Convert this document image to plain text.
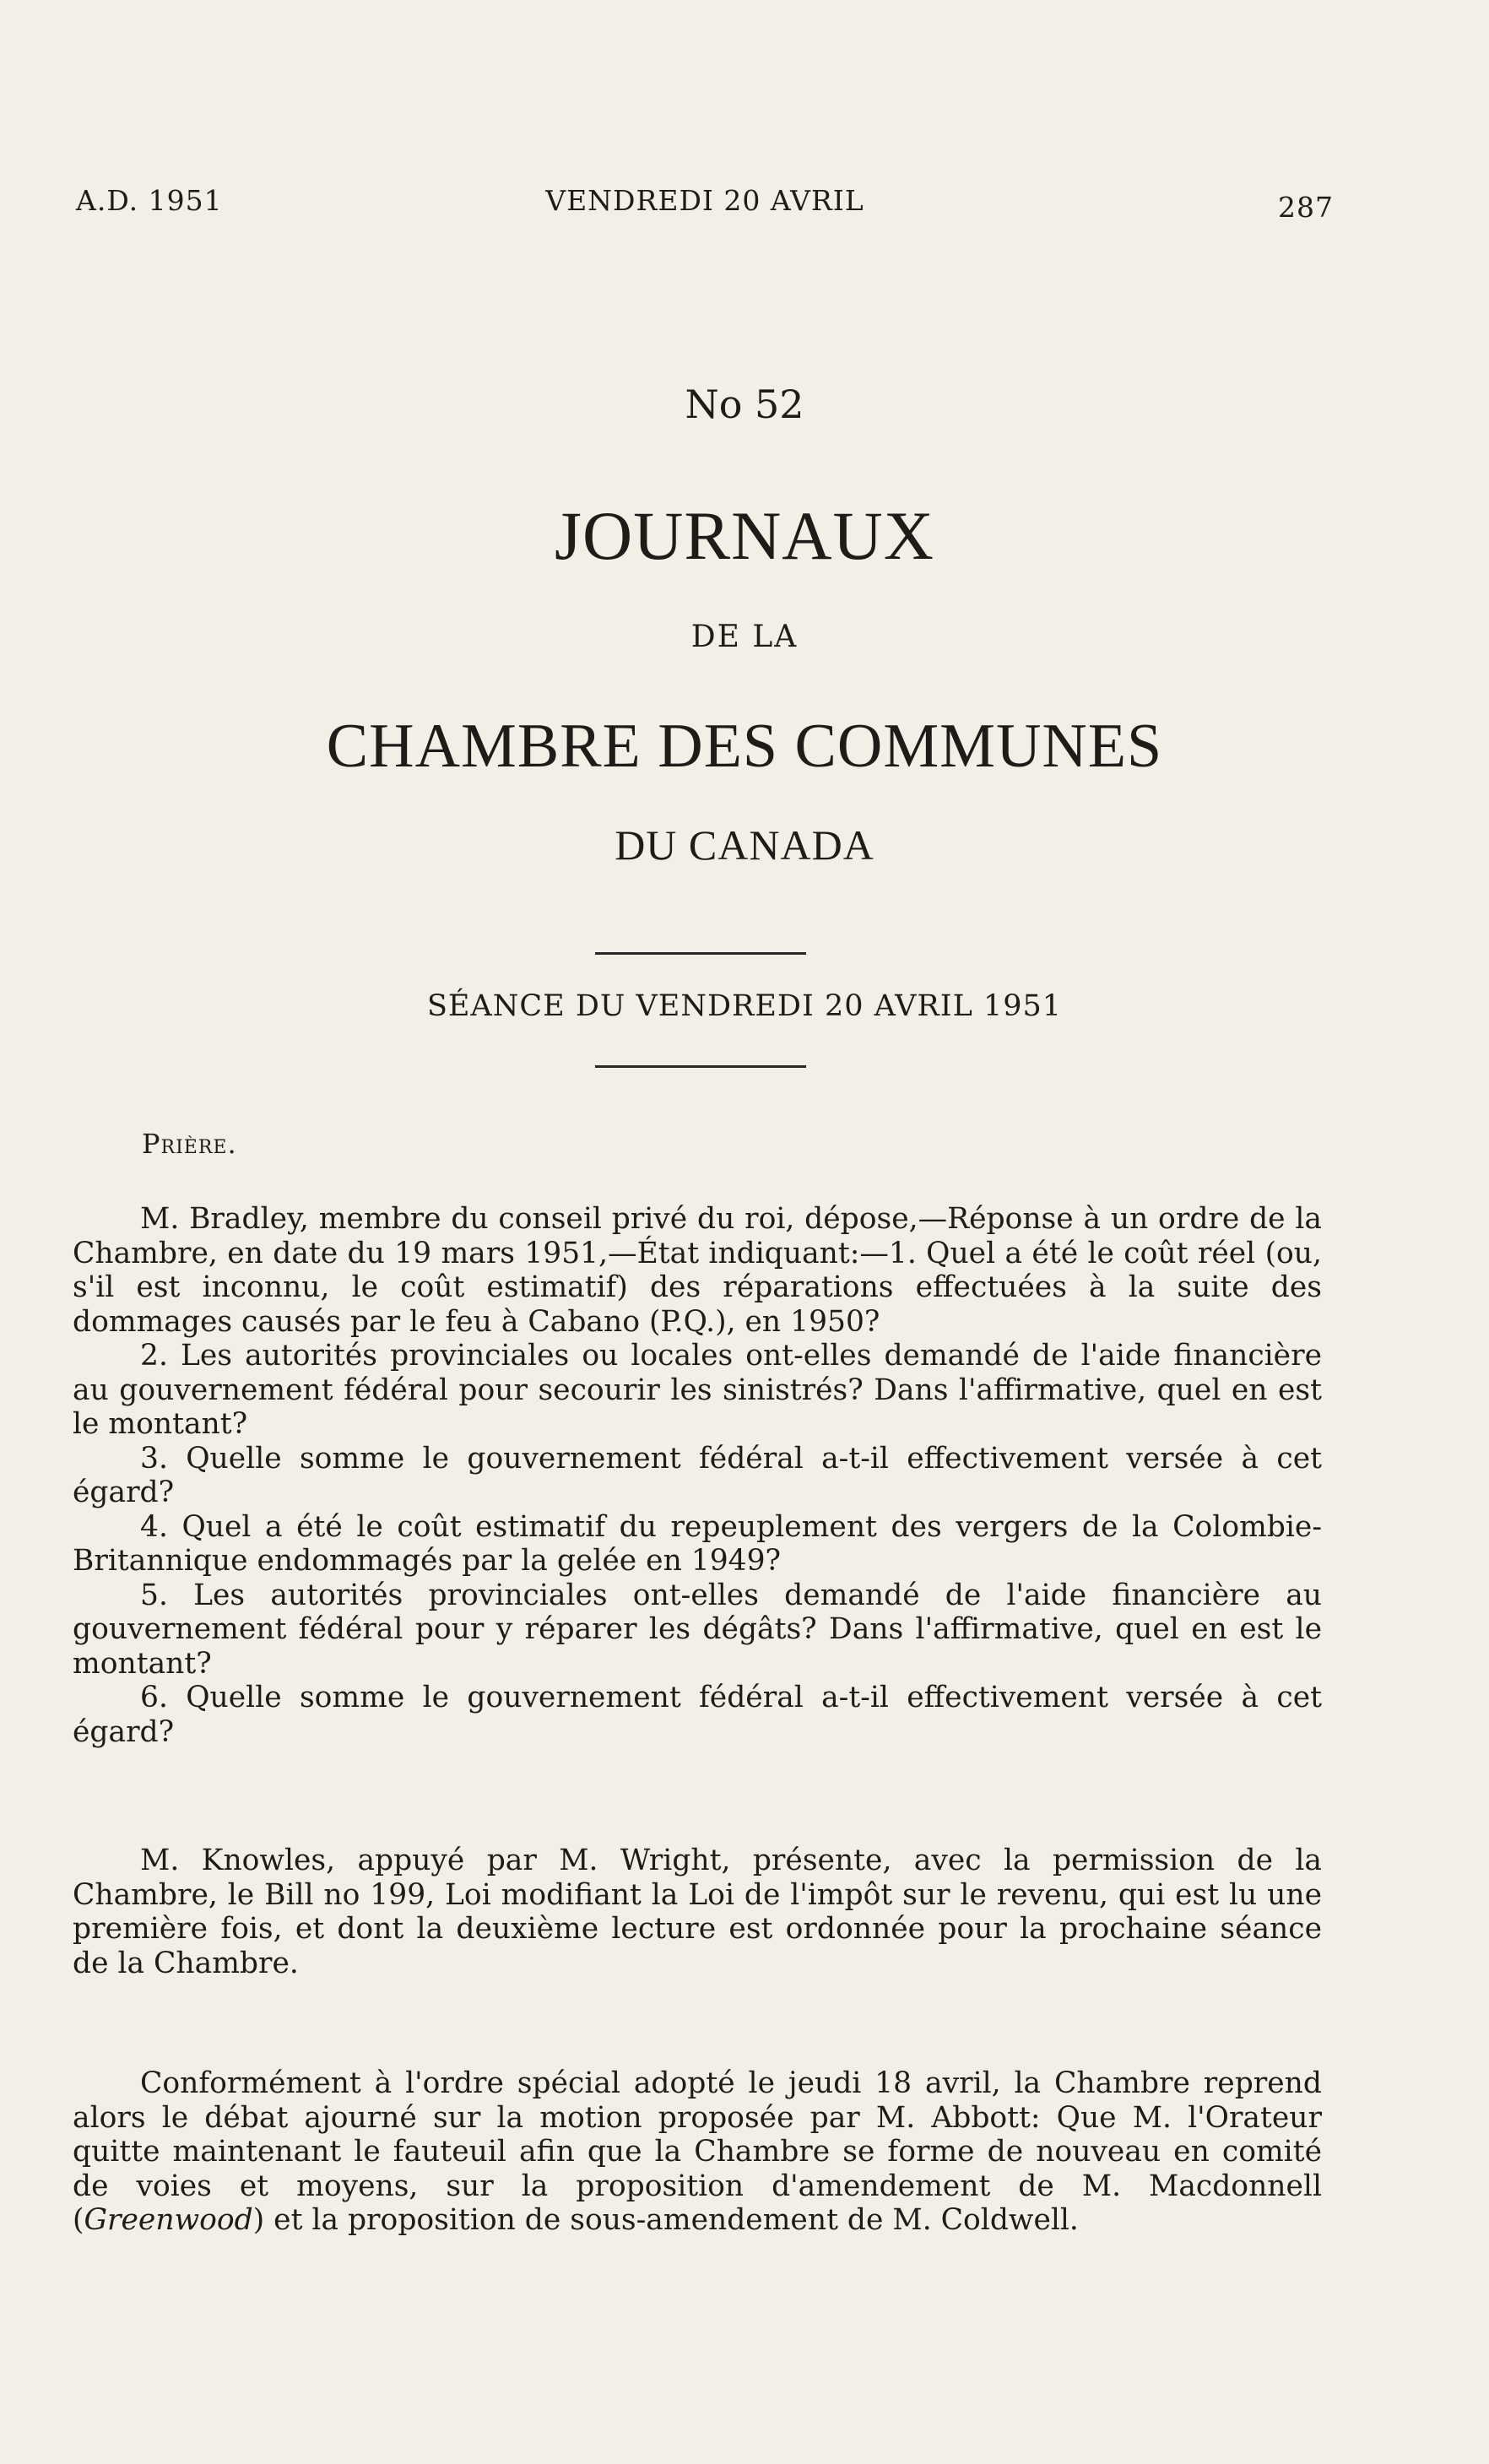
A.D. 1951	VENDREDI 20 AVRIL	287
No 52
JOURNAUX
DE LA
CHAMBRE DES COMMUNES
DU CANADA
SÉANCE DU VENDREDI 20 AVRIL 1951
Prière.

M. Bradley, membre du conseil privé du roi, dépose,—Réponse à un ordre de la Chambre, en date du 19 mars 1951,—État indiquant:—1. Quel a été le coût réel (ou, s'il est inconnu, le coût estimatif) des réparations effectuées à la suite des dommages causés par le feu à Cabano (P.Q.), en 1950?

2. Les autorités provinciales ou locales ont-elles demandé de l'aide financière au gouvernement fédéral pour secourir les sinistrés? Dans l'affirmative, quel en est le montant?

3. Quelle somme le gouvernement fédéral a-t-il effectivement versée à cet égard?

4. Quel a été le coût estimatif du repeuplement des vergers de la Colombie-Britannique endommagés par la gelée en 1949?

5. Les autorités provinciales ont-elles demandé de l'aide financière au gouvernement fédéral pour y réparer les dégâts? Dans l'affirmative, quel en est le montant?

6. Quelle somme le gouvernement fédéral a-t-il effectivement versée à cet égard?

M. Knowles, appuyé par M. Wright, présente, avec la permission de la Chambre, le Bill no 199, Loi modifiant la Loi de l'impôt sur le revenu, qui est lu une première fois, et dont la deuxième lecture est ordonnée pour la prochaine séance de la Chambre.

Conformément à l'ordre spécial adopté le jeudi 18 avril, la Chambre reprend alors le débat ajourné sur la motion proposée par M. Abbott: Que M. l'Orateur quitte maintenant le fauteuil afin que la Chambre se forme de nouveau en comité de voies et moyens, sur la proposition d'amendement de M. Macdonnell (Greenwood) et la proposition de sous-amendement de M. Coldwell.
